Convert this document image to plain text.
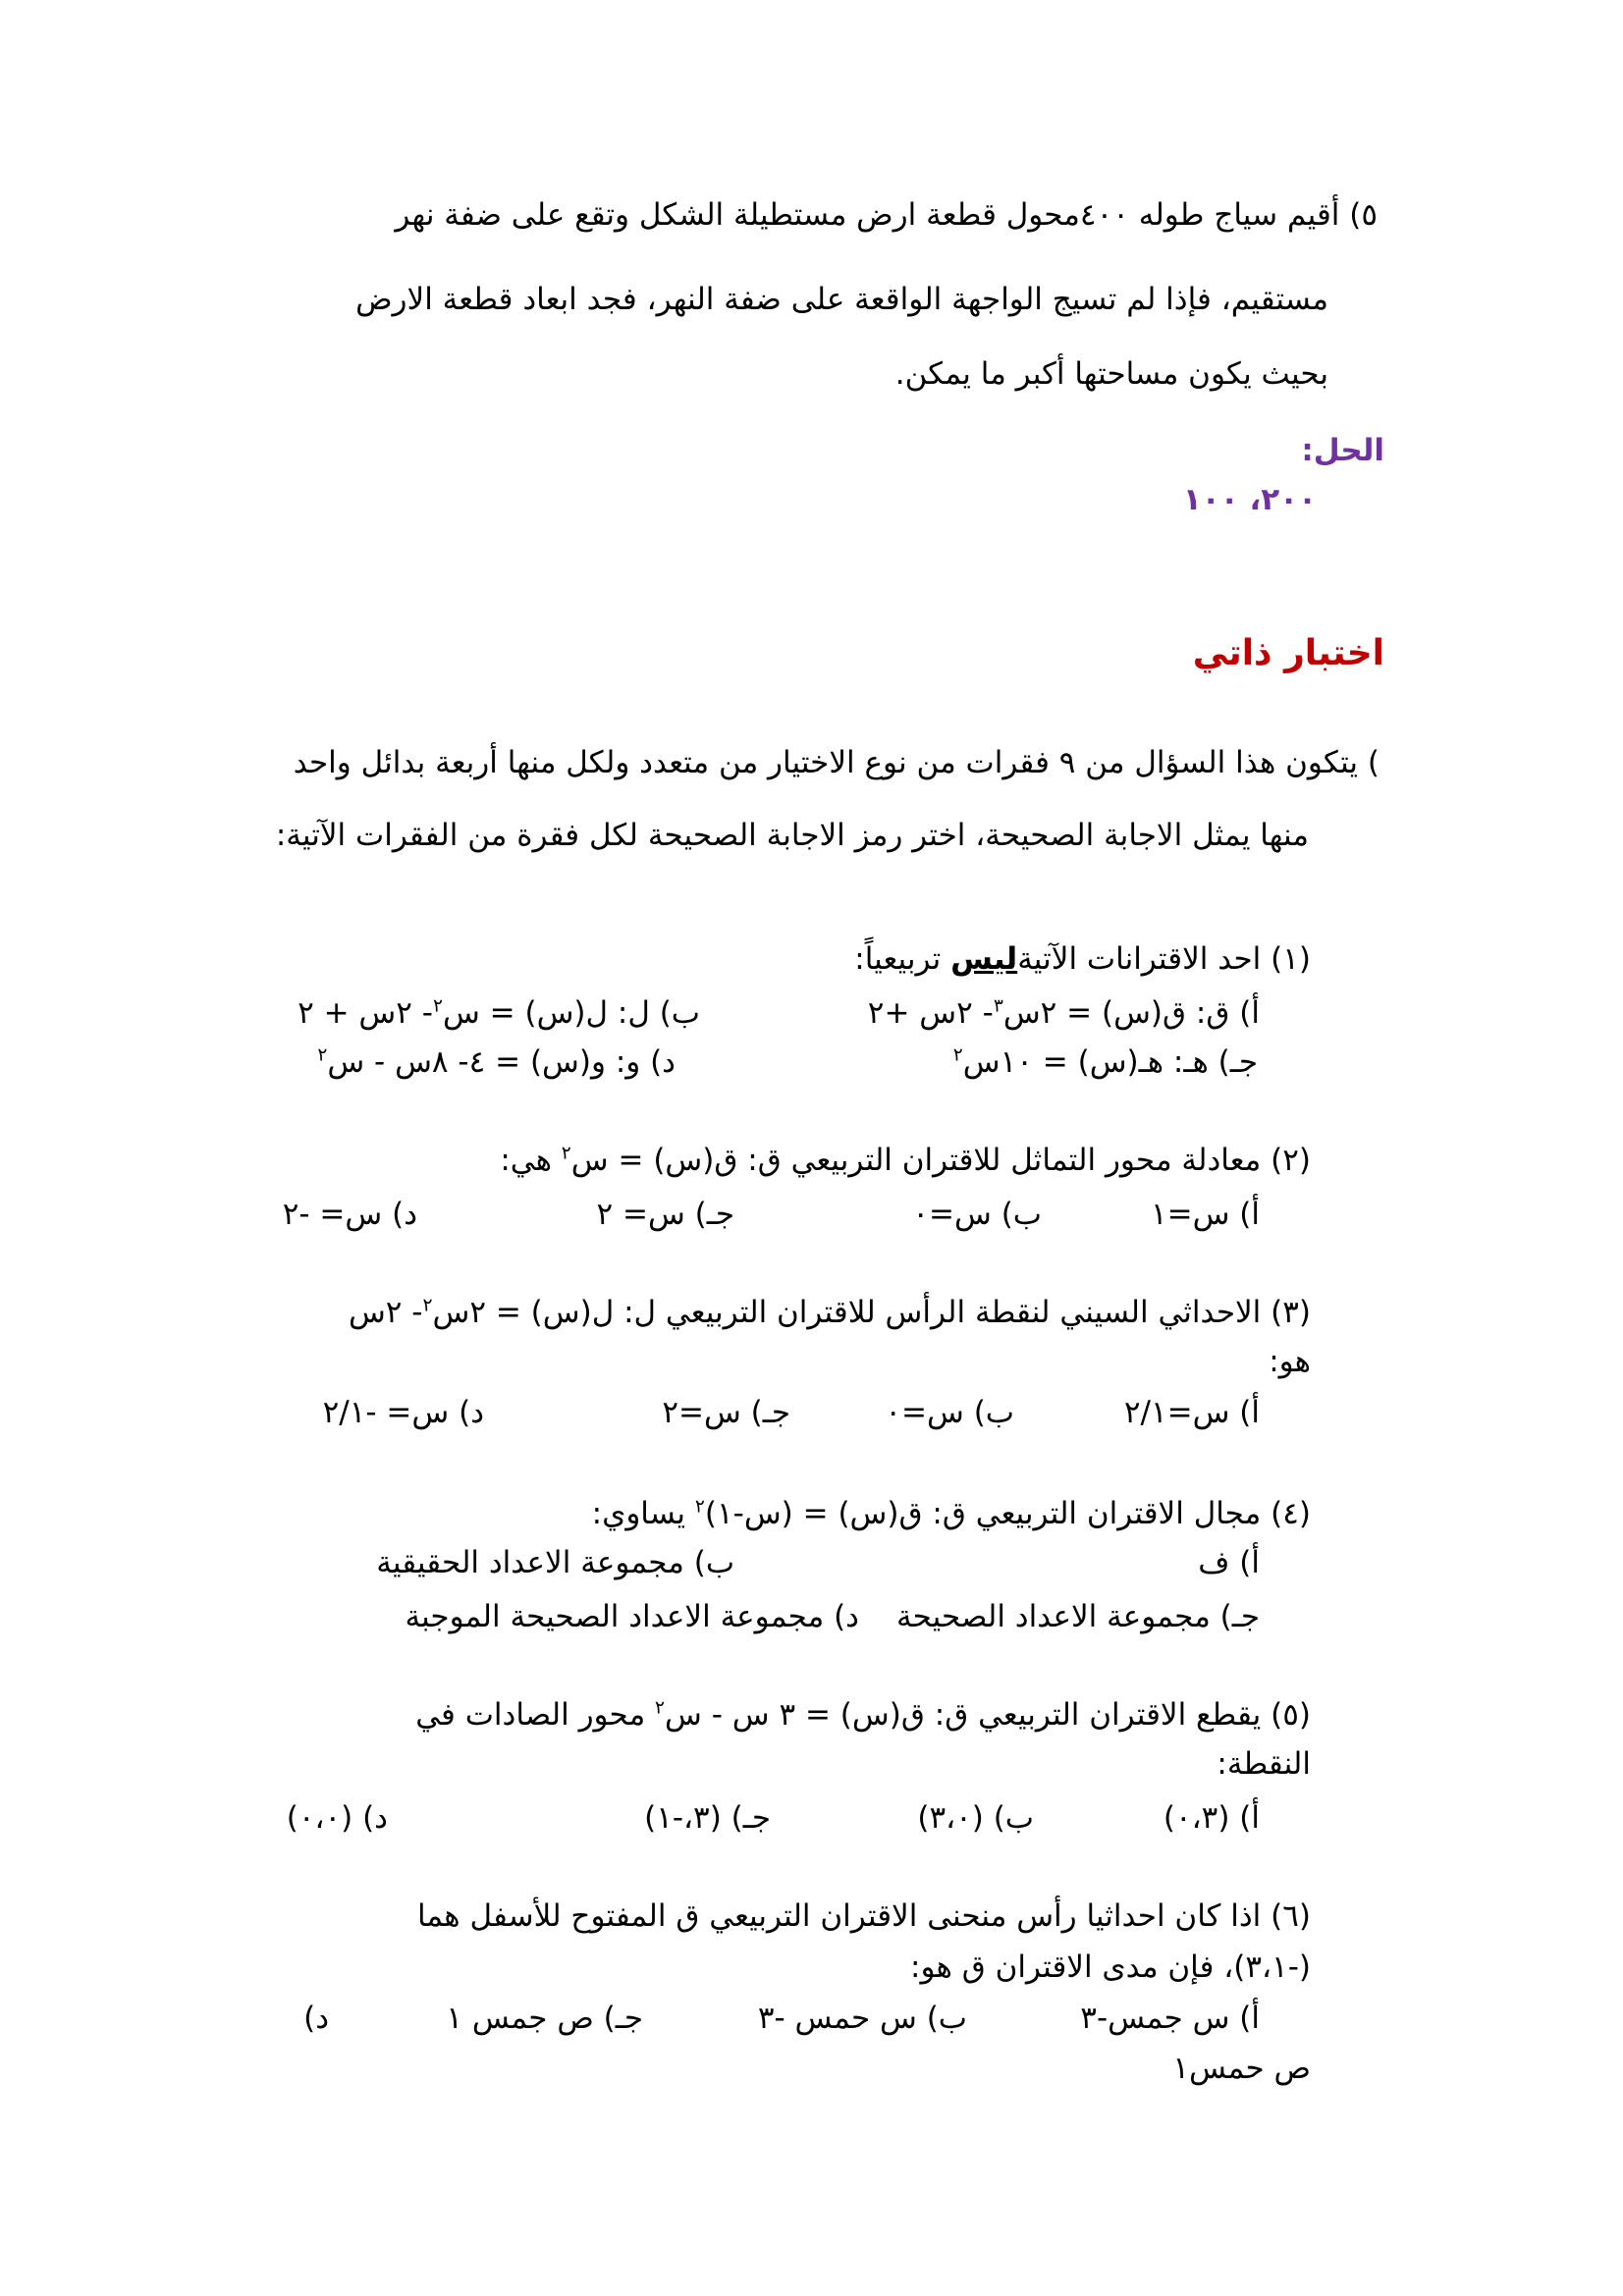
٥) أقيم سياج طوله ٤٠٠محول قطعة ارض مستطيلة الشكل وتقع على ضفة نهر
مستقيم، فإذا لم تسيج الواجهة الواقعة على ضفة النهر، فجد ابعاد قطعة الارض
بحيث يكون مساحتها أكبر ما يمكن.
الحل:
٢٠٠، ١٠٠
اختبار ذاتي
) يتكون هذا السؤال من ٩ فقرات من نوع الاختيار من متعدد ولكل منها أربعة بدائل واحد
منها يمثل الاجابة الصحيحة، اختر رمز الاجابة الصحيحة لكل فقرة من الفقرات الآتية:
(١) احد الاقترانات الآتيةليس تربيعياً:
أ) ق: ق(س) = ٢س$^٣$- ٢س +٢
ب) ل: ل(س) = س$^٢$- ٢س + ٢
جـ) هـ: هـ(س) = ١٠س$^٢$
د) و: و(س) = ٤- ٨س - س$^٢$
(٢) معادلة محور التماثل للاقتران التربيعي ق: ق(س) = س$^٢$ هي:
أ) س=١
ب) س=٠
جـ) س= ٢
د) س= -٢
(٣) الاحداثي السيني لنقطة الرأس للاقتران التربيعي ل: ل(س) = ٢س$^٢$- ٢س
هو:
أ) س=٢/١
ب) س=٠
جـ) س=٢
د) س= -٢/١
(٤) مجال الاقتران التربيعي ق: ق(س) = (س-١)$^٢$ يساوي:
أ) ف
ب) مجموعة الاعداد الحقيقية
جـ) مجموعة الاعداد الصحيحة
د) مجموعة الاعداد الصحيحة الموجبة
(٥) يقطع الاقتران التربيعي ق: ق(س) = ٣ س - س$^٢$ محور الصادات في
النقطة:
أ) (٠،٣)
ب) (٣،٠)
جـ) (٣،-١)
د) (٠،٠)
(٦) اذا كان احداثيا رأس منحنى الاقتران التربيعي ق المفتوح للأسفل هما
(-٣،١)، فإن مدى الاقتران ق هو:
أ) س جمس-٣
ب) س حمس -٣
جـ) ص جمس ١
د)
ص حمس١
